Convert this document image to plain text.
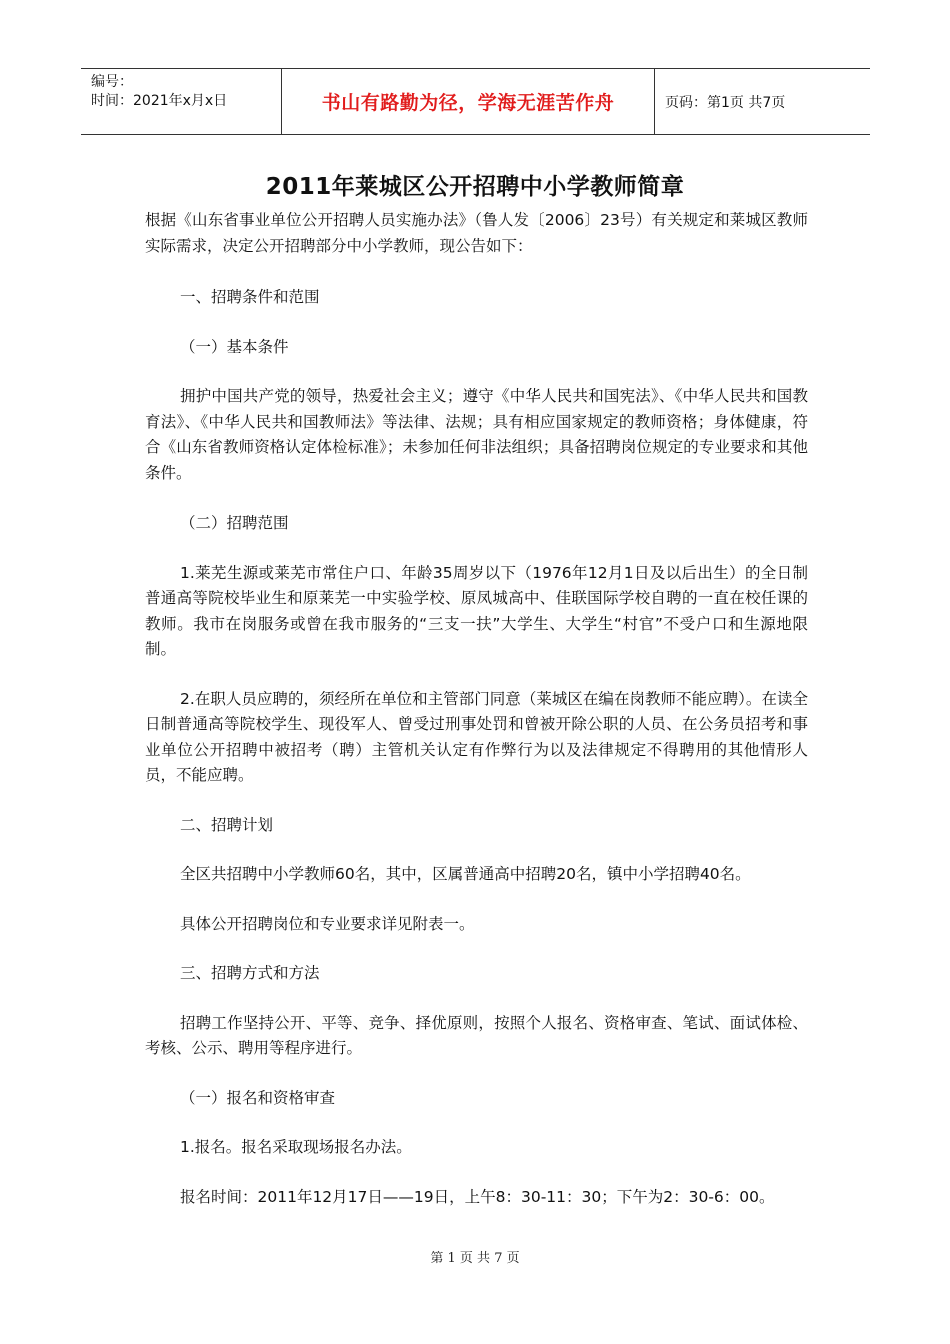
编号：
时间：2021年x月x日	书山有路勤为径，学海无涯苦作舟	页码：第1页 共7页
2011年莱城区公开招聘中小学教师简章

根据《山东省事业单位公开招聘人员实施办法》（鲁人发〔2006〕23号）有关规定和莱城区教师实际需求，决定公开招聘部分中小学教师，现公告如下：

一、招聘条件和范围

（一）基本条件

拥护中国共产党的领导，热爱社会主义；遵守《中华人民共和国宪法》、《中华人民共和国教育法》、《中华人民共和国教师法》等法律、法规；具有相应国家规定的教师资格；身体健康，符合《山东省教师资格认定体检标准》；未参加任何非法组织；具备招聘岗位规定的专业要求和其他条件。

（二）招聘范围

1.莱芜生源或莱芜市常住户口、年龄35周岁以下（1976年12月1日及以后出生）的全日制普通高等院校毕业生和原莱芜一中实验学校、原凤城高中、佳联国际学校自聘的一直在校任课的教师。我市在岗服务或曾在我市服务的“三支一扶”大学生、大学生“村官”不受户口和生源地限制。

2.在职人员应聘的，须经所在单位和主管部门同意（莱城区在编在岗教师不能应聘）。在读全日制普通高等院校学生、现役军人、曾受过刑事处罚和曾被开除公职的人员、在公务员招考和事业单位公开招聘中被招考（聘）主管机关认定有作弊行为以及法律规定不得聘用的其他情形人员，不能应聘。

二、招聘计划

全区共招聘中小学教师60名，其中，区属普通高中招聘20名，镇中小学招聘40名。

具体公开招聘岗位和专业要求详见附表一。

三、招聘方式和方法

招聘工作坚持公开、平等、竞争、择优原则，按照个人报名、资格审查、笔试、面试体检、考核、公示、聘用等程序进行。

（一）报名和资格审查

1.报名。报名采取现场报名办法。

报名时间：2011年12月17日——19日，上午8：30-11：30；下午为2：30-6：00。

第 1 页 共 7 页
